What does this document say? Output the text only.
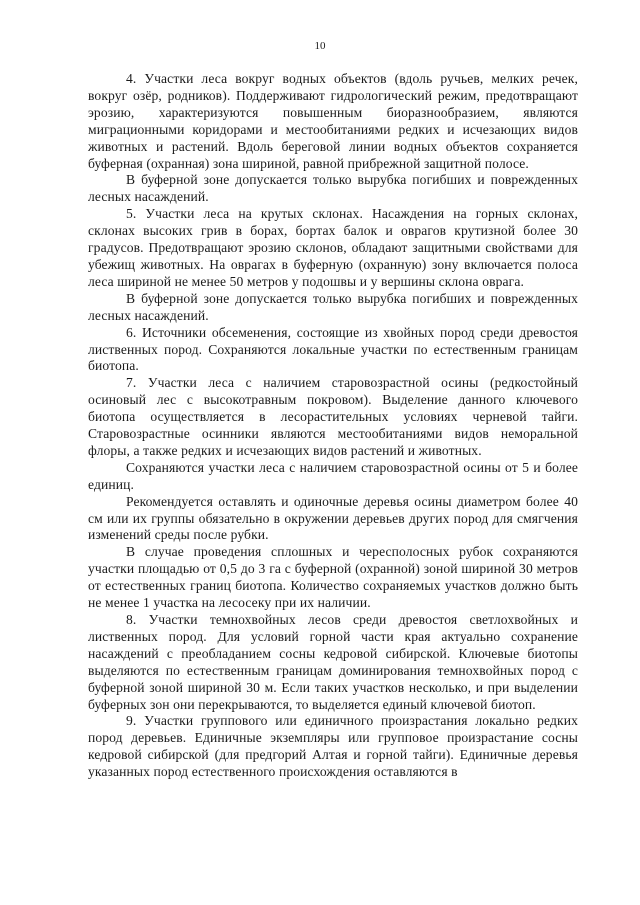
10

4. Участки леса вокруг водных объектов (вдоль ручьев, мелких речек, вокруг озёр, родников). Поддерживают гидрологический режим, предотвращают эрозию, характеризуются повышенным биоразнообразием, являются миграционными коридорами и местообитаниями редких и исчезающих видов животных и растений. Вдоль береговой линии водных объектов сохраняется буферная (охранная) зона шириной, равной прибрежной защитной полосе.

В буферной зоне допускается только вырубка погибших и поврежденных лесных насаждений.

5. Участки леса на крутых склонах. Насаждения на горных склонах, склонах высоких грив в борах, бортах балок и оврагов крутизной более 30 градусов. Предотвращают эрозию склонов, обладают защитными свойствами для убежищ животных. На оврагах в буферную (охранную) зону включается полоса леса шириной не менее 50 метров у подошвы и у вершины склона оврага.

В буферной зоне допускается только вырубка погибших и поврежденных лесных насаждений.

6. Источники обсеменения, состоящие из хвойных пород среди древостоя лиственных пород. Сохраняются локальные участки по естественным границам биотопа.

7. Участки леса с наличием старовозрастной осины (редкостойный осиновый лес с высокотравным покровом). Выделение данного ключевого биотопа осуществляется в лесорастительных условиях черневой тайги. Старовозрастные осинники являются местообитаниями видов неморальной флоры, а также редких и исчезающих видов растений и животных.

Сохраняются участки леса с наличием старовозрастной осины от 5 и более единиц.

Рекомендуется оставлять и одиночные деревья осины диаметром более 40 см или их группы обязательно в окружении деревьев других пород для смягчения изменений среды после рубки.

В случае проведения сплошных и чересполосных рубок сохраняются участки площадью от 0,5 до 3 га с буферной (охранной) зоной шириной 30 метров от естественных границ биотопа. Количество сохраняемых участков должно быть не менее 1 участка на лесосеку при их наличии.

8. Участки темнохвойных лесов среди древостоя светлохвойных и лиственных пород. Для условий горной части края актуально сохранение насаждений с преобладанием сосны кедровой сибирской. Ключевые биотопы выделяются по естественным границам доминирования темнохвойных пород с буферной зоной шириной 30 м. Если таких участков несколько, и при выделении буферных зон они перекрываются, то выделяется единый ключевой биотоп.

9. Участки группового или единичного произрастания локально редких пород деревьев. Единичные экземпляры или групповое произрастание сосны кедровой сибирской (для предгорий Алтая и горной тайги). Единичные деревья указанных пород естественного происхождения оставляются в
